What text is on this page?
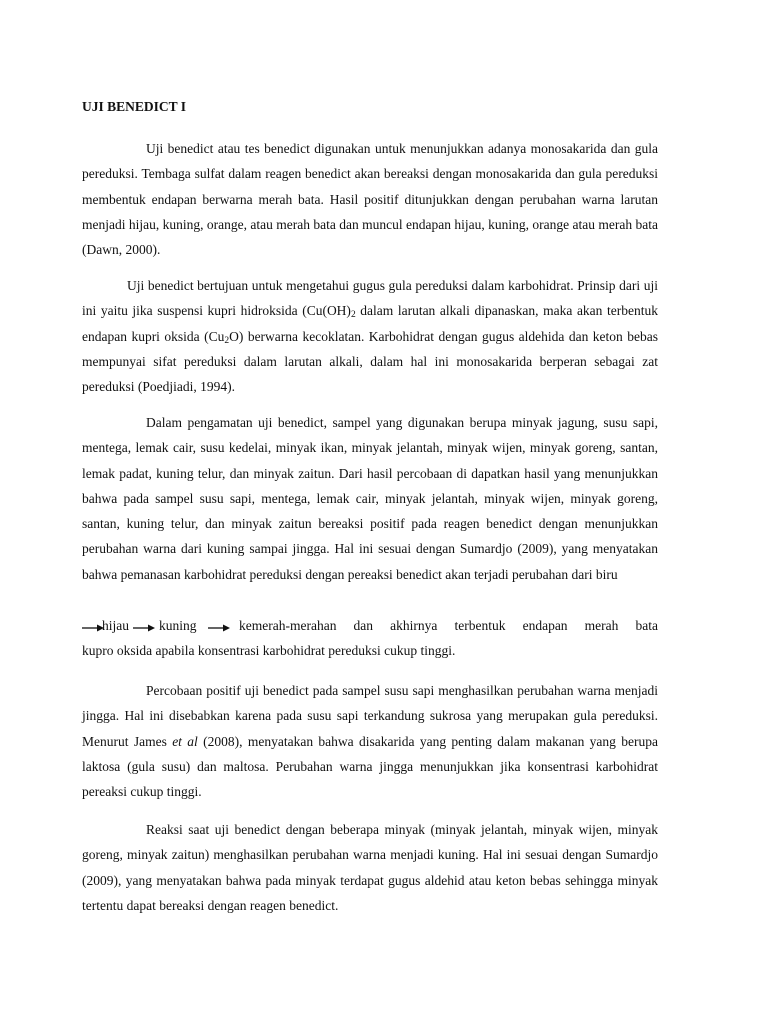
UJI BENEDICT I

Uji benedict atau tes benedict digunakan untuk menunjukkan adanya monosakarida dan gula pereduksi. Tembaga sulfat dalam reagen benedict akan bereaksi dengan monosakarida dan gula pereduksi membentuk endapan berwarna merah bata. Hasil positif ditunjukkan dengan perubahan warna larutan menjadi hijau, kuning, orange, atau merah bata dan muncul endapan hijau, kuning, orange atau merah bata (Dawn, 2000).

Uji benedict bertujuan untuk mengetahui gugus gula pereduksi dalam karbohidrat. Prinsip dari uji ini yaitu jika suspensi kupri hidroksida ($Cu(OH)_2$ dalam larutan alkali dipanaskan, maka akan terbentuk endapan kupri oksida $(Cu_2O)$ berwarna kecoklatan. Karbohidrat dengan gugus aldehida dan keton bebas mempunyai sifat pereduksi dalam larutan alkali, dalam hal ini monosakarida berperan sebagai zat pereduksi (Poedjiadi, 1994).

Dalam pengamatan uji benedict, sampel yang digunakan berupa minyak jagung, susu sapi, mentega, lemak cair, susu kedelai, minyak ikan, minyak jelantah, minyak wijen, minyak goreng, santan, lemak padat, kuning telur, dan minyak zaitun. Dari hasil percobaan di dapatkan hasil yang menunjukkan bahwa pada sampel susu sapi, mentega, lemak cair, minyak jelantah, minyak wijen, minyak goreng, santan, kuning telur, dan minyak zaitun bereaksi positif pada reagen benedict dengan menunjukkan perubahan warna dari kuning sampai jingga. Hal ini sesuai dengan Sumardjo (2009), yang menyatakan bahwa pemanasan karbohidrat pereduksi dengan pereaksi benedict akan terjadi perubahan dari biru

hijau kuning	kemerah-merahan dan akhirnya terbentuk endapan merah bata

kupro oksida apabila konsentrasi karbohidrat pereduksi cukup tinggi.

Percobaan positif uji benedict pada sampel susu sapi menghasilkan perubahan warna menjadi jingga. Hal ini disebabkan karena pada susu sapi terkandung sukrosa yang merupakan gula pereduksi. Menurut James et al (2008), menyatakan bahwa disakarida yang penting dalam makanan yang berupa laktosa (gula susu) dan maltosa. Perubahan warna jingga menunjukkan jika konsentrasi karbohidrat pereaksi cukup tinggi.

Reaksi saat uji benedict dengan beberapa minyak (minyak jelantah, minyak wijen, minyak goreng, minyak zaitun) menghasilkan perubahan warna menjadi kuning. Hal ini sesuai dengan Sumardjo (2009), yang menyatakan bahwa pada minyak terdapat gugus aldehid atau keton bebas sehingga minyak tertentu dapat bereaksi dengan reagen benedict.
